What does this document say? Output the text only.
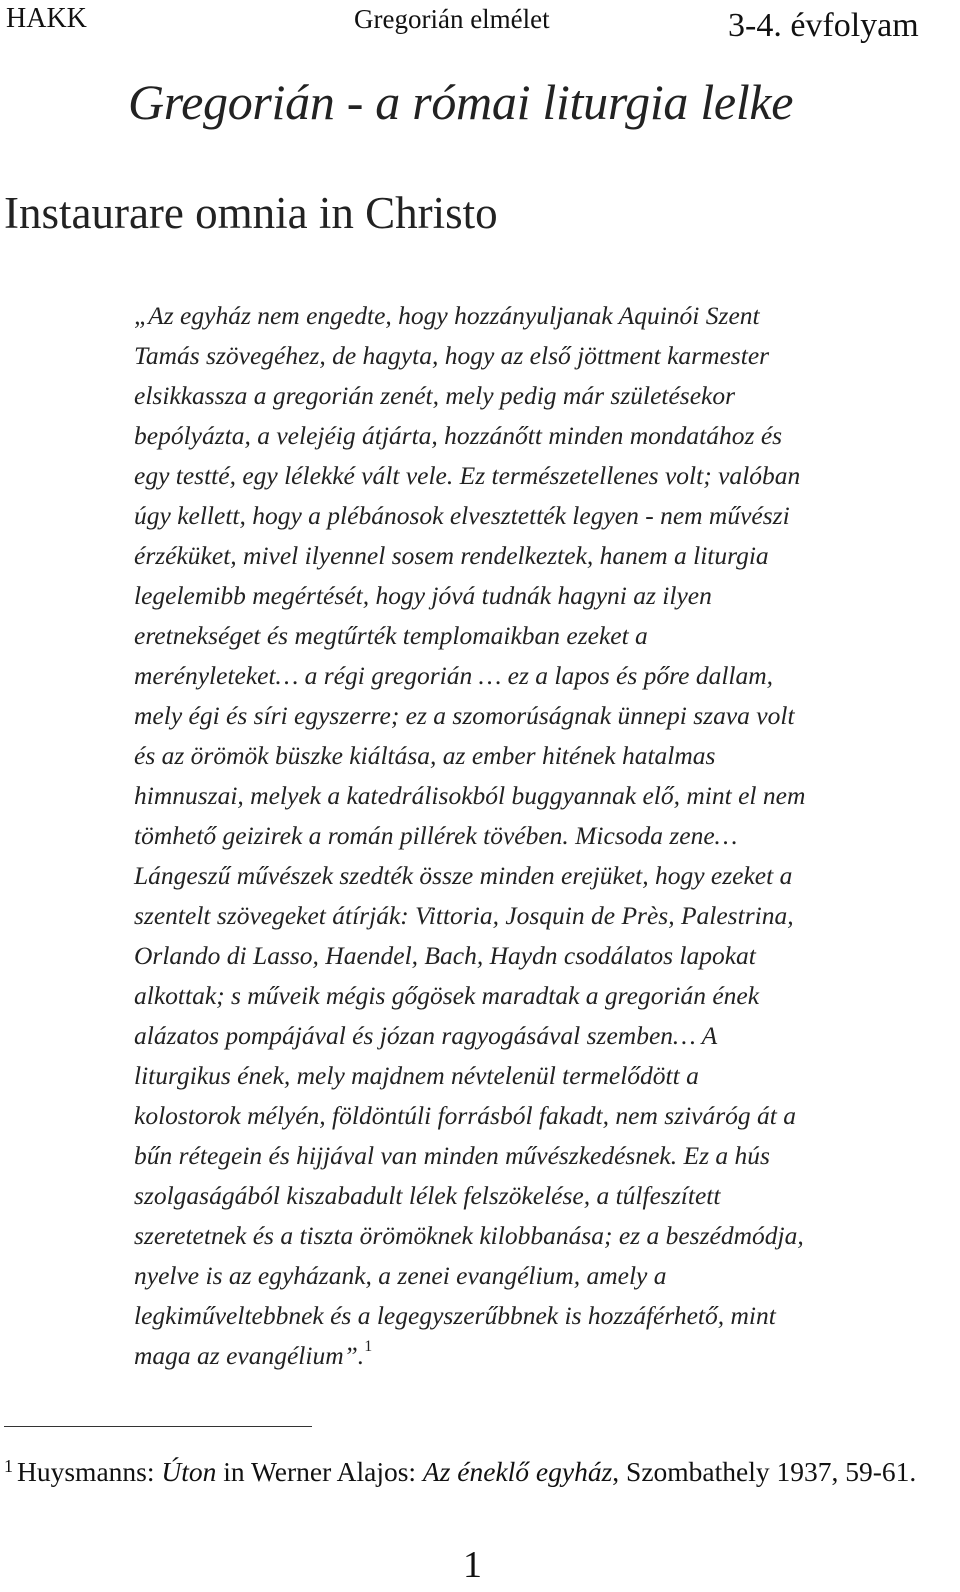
HAKK	Gregorián elmélet	3-4. évfolyam
Gregorián - a római liturgia lelke
Instaurare omnia in Christo

„Az egyház nem engedte, hogy hozzányuljanak Aquinói Szent
Tamás szövegéhez, de hagyta, hogy az első jöttment karmester
elsikkassza a gregorián zenét, mely pedig már születésekor
bepólyázta, a velejéig átjárta, hozzánőtt minden mondatához és
egy testté, egy lélekké vált vele. Ez természetellenes volt; valóban
úgy kellett, hogy a plébánosok elvesztették legyen - nem művészi
érzéküket, mivel ilyennel sosem rendelkeztek, hanem a liturgia
legelemibb megértését, hogy jóvá tudnák hagyni az ilyen
eretnekséget és megtűrték templomaikban ezeket a
merényleteket… a régi gregorián … ez a lapos és pőre dallam,
mely égi és síri egyszerre; ez a szomorúságnak ünnepi szava volt
és az örömök büszke kiáltása, az ember hitének hatalmas
himnuszai, melyek a katedrálisokból buggyannak elő, mint el nem
tömhető geizirek a román pillérek tövében. Micsoda zene…
Lángeszű művészek szedték össze minden erejüket, hogy ezeket a
szentelt szövegeket átírják: Vittoria, Josquin de Près, Palestrina,
Orlando di Lasso, Haendel, Bach, Haydn csodálatos lapokat
alkottak; s műveik mégis gőgösek maradtak a gregorián ének
alázatos pompájával és józan ragyogásával szemben… A
liturgikus ének, mely majdnem névtelenül termelődött a
kolostorok mélyén, földöntúli forrásból fakadt, nem sziváróg át a
bűn rétegein és hijjával van minden művészkedésnek. Ez a hús
szolgaságából kiszabadult lélek felszökelése, a túlfeszített
szeretetnek és a tiszta örömöknek kilobbanása; ez a beszédmódja,
nyelve is az egyházank, a zenei evangélium, amely a
legkiműveltebbnek és a legegyszerűbbnek is hozzáférhető, mint
maga az evangélium”.$^1$

$^1$ Huysmanns: Úton in Werner Alajos: Az éneklő egyház, Szombathely 1937, 59-61.

1
